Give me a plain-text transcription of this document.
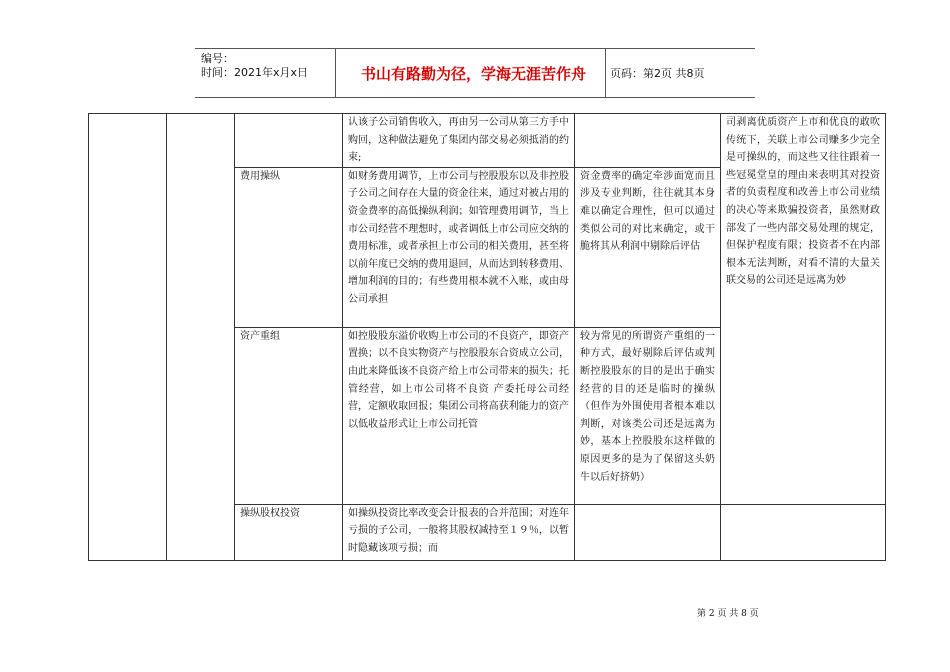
编号：
时间：2021年x月x日	书山有路勤为径，学海无涯苦作舟	页码：第2页 共8页
			认该子公司销售收入，再由另一公司从第三方手中购回，这种做法避免了集团内部交易必须抵消的约束;		司剥离优质资产上市和优良的敢吹传统下，关联上市公司赚多少完全是可操纵的，而这些又往往跟着一些冠冕堂皇的理由来表明其对投资者的负责程度和改善上市公司业绩的决心等来欺骗投资者，虽然财政部发了一些内部交易处理的规定，但保护程度有限；投资者不在内部根本无法判断，对看不清的大量关联交易的公司还是远离为妙
		费用操纵	如财务费用调节，上市公司与控股股东以及非控股子公司之间存在大量的资金往来，通过对被占用的资金费率的高低操纵利润；如管理费用调节，当上市公司经营不理想时，或者调低上市公司应交纳的费用标准，或者承担上市公司的相关费用，甚至将以前年度已交纳的费用退回，从而达到转移费用、增加利润的目的；有些费用根本就不入账，或由母公司承担	资金费率的确定牵涉面宽而且涉及专业判断，往往就其本身难以确定合理性，但可以通过类似公司的对比来确定，或干脆将其从利润中剔除后评估	
		资产重组	如控股股东溢价收购上市公司的不良资产，即资产置换；以不良实物资产与控股股东合资成立公司，由此来降低该不良资产给上市公司带来的损失；托管经营，如上市公司将不良资 产委托母公司经营，定额收取回报；集团公司将高获利能力的资产以低收益形式让上市公司托管	较为常见的所谓资产重组的一种方式，最好剔除后评估或判断控股股东的目的是出于确实经营的目的还是临时的操纵（但作为外围使用者根本难以判断，对该类公司还是远离为妙，基本上控股股东这样做的原因更多的是为了保留这头奶牛以后好挤奶）	
		操纵股权投资	如操纵投资比率改变会计报表的合并范围；对连年亏损的子公司，一般将其股权减持至１９％，以暂时隐藏该项亏损；而		
第 2 页 共 8 页
